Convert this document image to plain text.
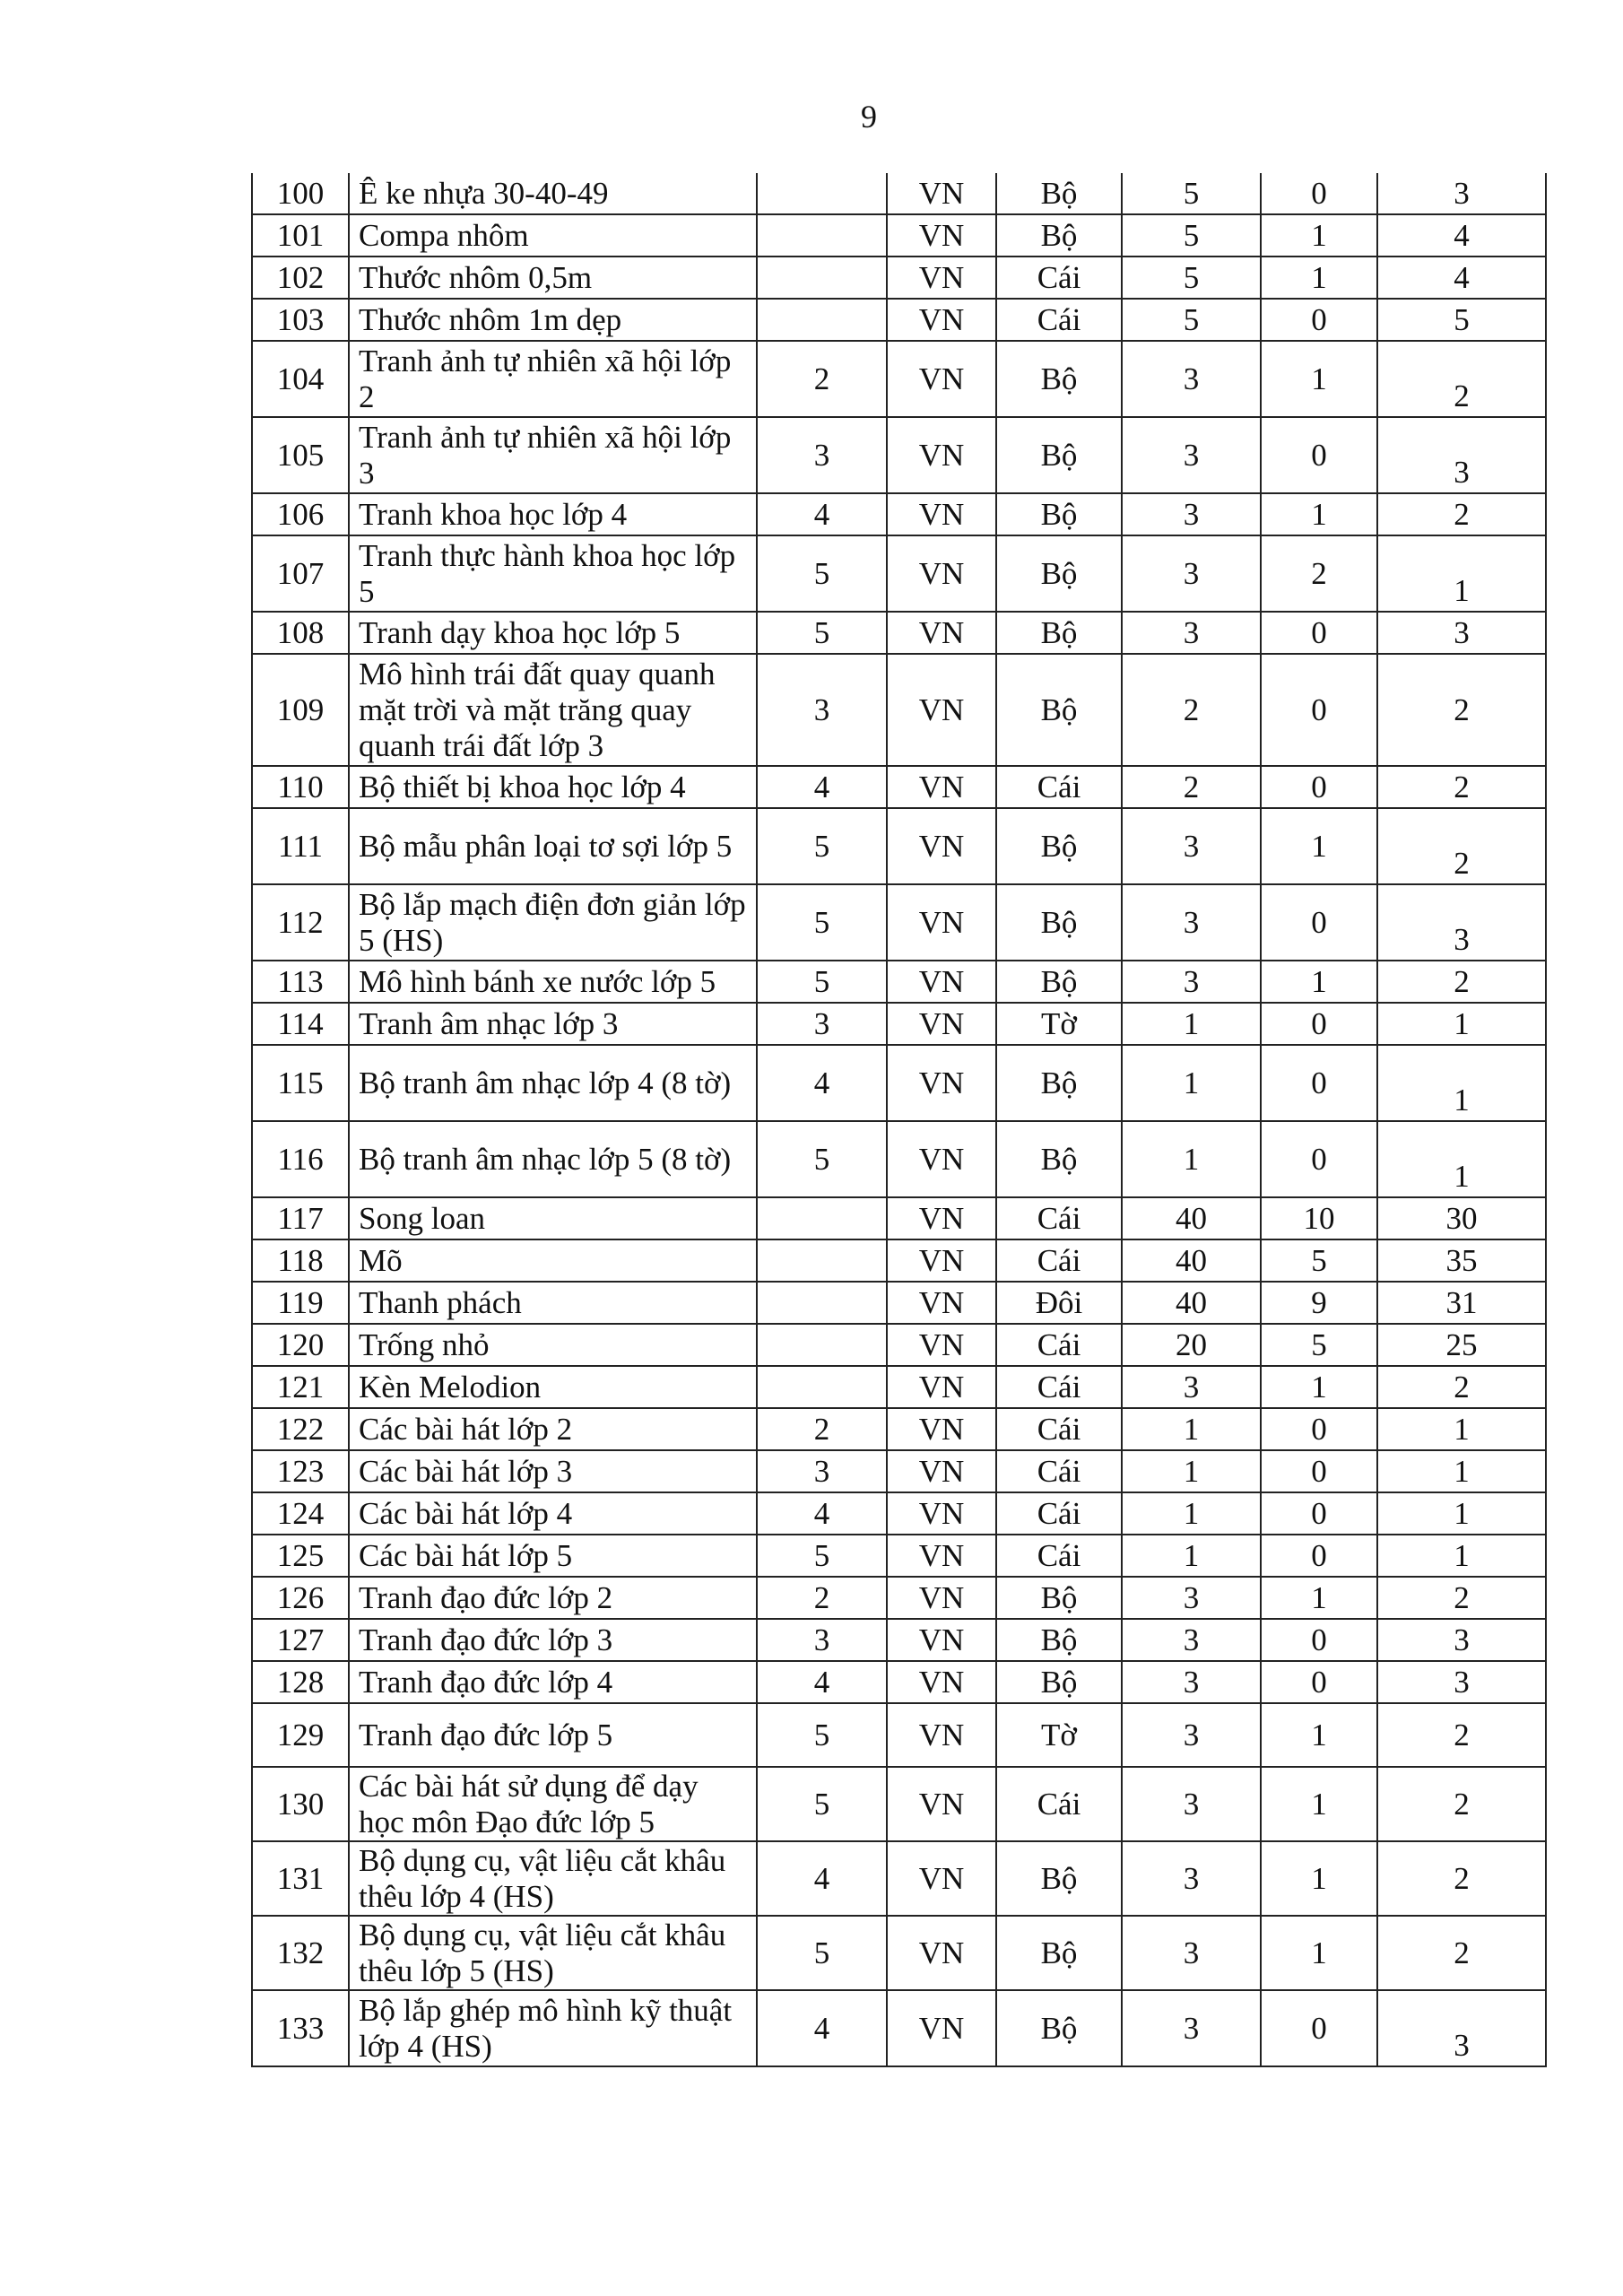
9
100	Ê ke nhựa 30-40-49		VN	Bộ	5	0	3
101	Compa nhôm		VN	Bộ	5	1	4
102	Thước nhôm 0,5m		VN	Cái	5	1	4
103	Thước nhôm 1m dẹp		VN	Cái	5	0	5
104	Tranh ảnh tự nhiên xã hội lớp 2	2	VN	Bộ	3	1	2
105	Tranh ảnh tự nhiên xã hội lớp 3	3	VN	Bộ	3	0	3
106	Tranh khoa học lớp 4	4	VN	Bộ	3	1	2
107	Tranh thực hành khoa học lớp 5	5	VN	Bộ	3	2	1
108	Tranh dạy khoa học lớp 5	5	VN	Bộ	3	0	3
109	Mô hình trái đất quay quanh mặt trời và mặt trăng quay quanh trái đất lớp 3	3	VN	Bộ	2	0	2
110	Bộ thiết bị khoa học lớp 4	4	VN	Cái	2	0	2
111	Bộ mẫu phân loại tơ sợi lớp 5	5	VN	Bộ	3	1	2
112	Bộ lắp mạch điện đơn giản lớp 5 (HS)	5	VN	Bộ	3	0	3
113	Mô hình bánh xe nước lớp 5	5	VN	Bộ	3	1	2
114	Tranh âm nhạc lớp 3	3	VN	Tờ	1	0	1
115	Bộ tranh âm nhạc lớp 4 (8 tờ)	4	VN	Bộ	1	0	1
116	Bộ tranh âm nhạc lớp 5 (8 tờ)	5	VN	Bộ	1	0	1
117	Song loan		VN	Cái	40	10	30
118	Mõ		VN	Cái	40	5	35
119	Thanh phách		VN	Đôi	40	9	31
120	Trống nhỏ		VN	Cái	20	5	25
121	Kèn Melodion		VN	Cái	3	1	2
122	Các bài hát lớp 2	2	VN	Cái	1	0	1
123	Các bài hát lớp 3	3	VN	Cái	1	0	1
124	Các bài hát lớp 4	4	VN	Cái	1	0	1
125	Các bài hát lớp 5	5	VN	Cái	1	0	1
126	Tranh đạo đức lớp 2	2	VN	Bộ	3	1	2
127	Tranh đạo đức lớp 3	3	VN	Bộ	3	0	3
128	Tranh đạo đức lớp 4	4	VN	Bộ	3	0	3
129	Tranh đạo đức lớp 5	5	VN	Tờ	3	1	2
130	Các bài hát sử dụng để dạy học môn Đạo đức lớp 5	5	VN	Cái	3	1	2
131	Bộ dụng cụ, vật liệu cắt khâu thêu lớp 4 (HS)	4	VN	Bộ	3	1	2
132	Bộ dụng cụ, vật liệu cắt khâu thêu lớp 5 (HS)	5	VN	Bộ	3	1	2
133	Bộ lắp ghép mô hình kỹ thuật lớp 4 (HS)	4	VN	Bộ	3	0	3
